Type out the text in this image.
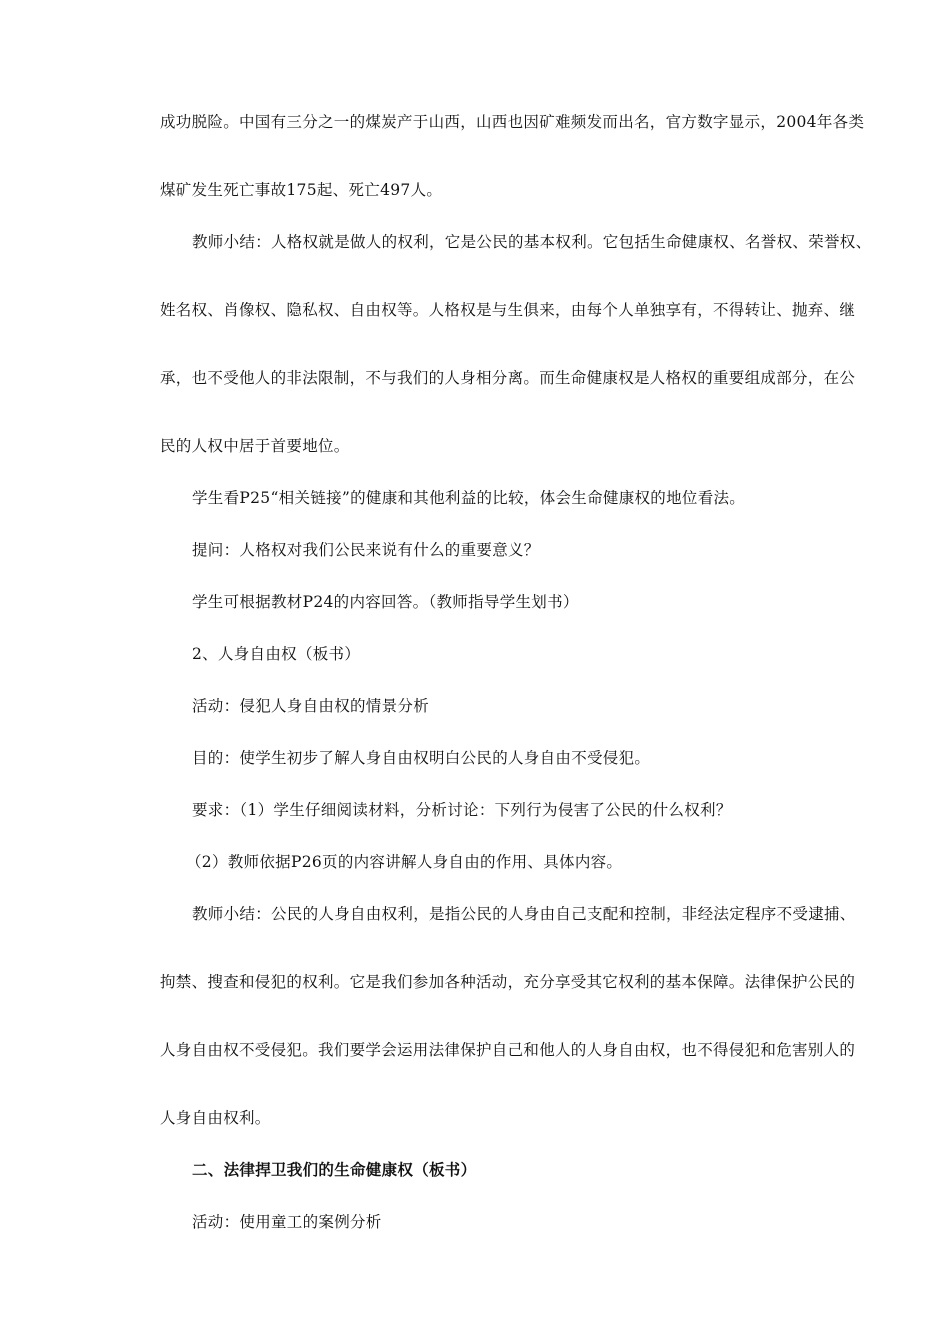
成功脱险。中国有三分之一的煤炭产于山西，山西也因矿难频发而出名，官方数字显示，2004年各类
煤矿发生死亡事故175起、死亡497人。
教师小结：人格权就是做人的权利，它是公民的基本权利。它包括生命健康权、名誉权、荣誉权、
姓名权、肖像权、隐私权、自由权等。人格权是与生俱来，由每个人单独享有，不得转让、抛弃、继
承，也不受他人的非法限制，不与我们的人身相分离。而生命健康权是人格权的重要组成部分，在公
民的人权中居于首要地位。
学生看P25“相关链接”的健康和其他利益的比较，体会生命健康权的地位看法。
提问：人格权对我们公民来说有什么的重要意义？
学生可根据教材P24的内容回答。（教师指导学生划书）
2、人身自由权（板书）
活动：侵犯人身自由权的情景分析
目的：使学生初步了解人身自由权明白公民的人身自由不受侵犯。
要求：（1）学生仔细阅读材料，分析讨论：下列行为侵害了公民的什么权利？
（2）教师依据P26页的内容讲解人身自由的作用、具体内容。
教师小结：公民的人身自由权利，是指公民的人身由自己支配和控制，非经法定程序不受逮捕、
拘禁、搜查和侵犯的权利。它是我们参加各种活动，充分享受其它权利的基本保障。法律保护公民的
人身自由权不受侵犯。我们要学会运用法律保护自己和他人的人身自由权，也不得侵犯和危害别人的
人身自由权利。
二、法律捍卫我们的生命健康权（板书）
活动：使用童工的案例分析
